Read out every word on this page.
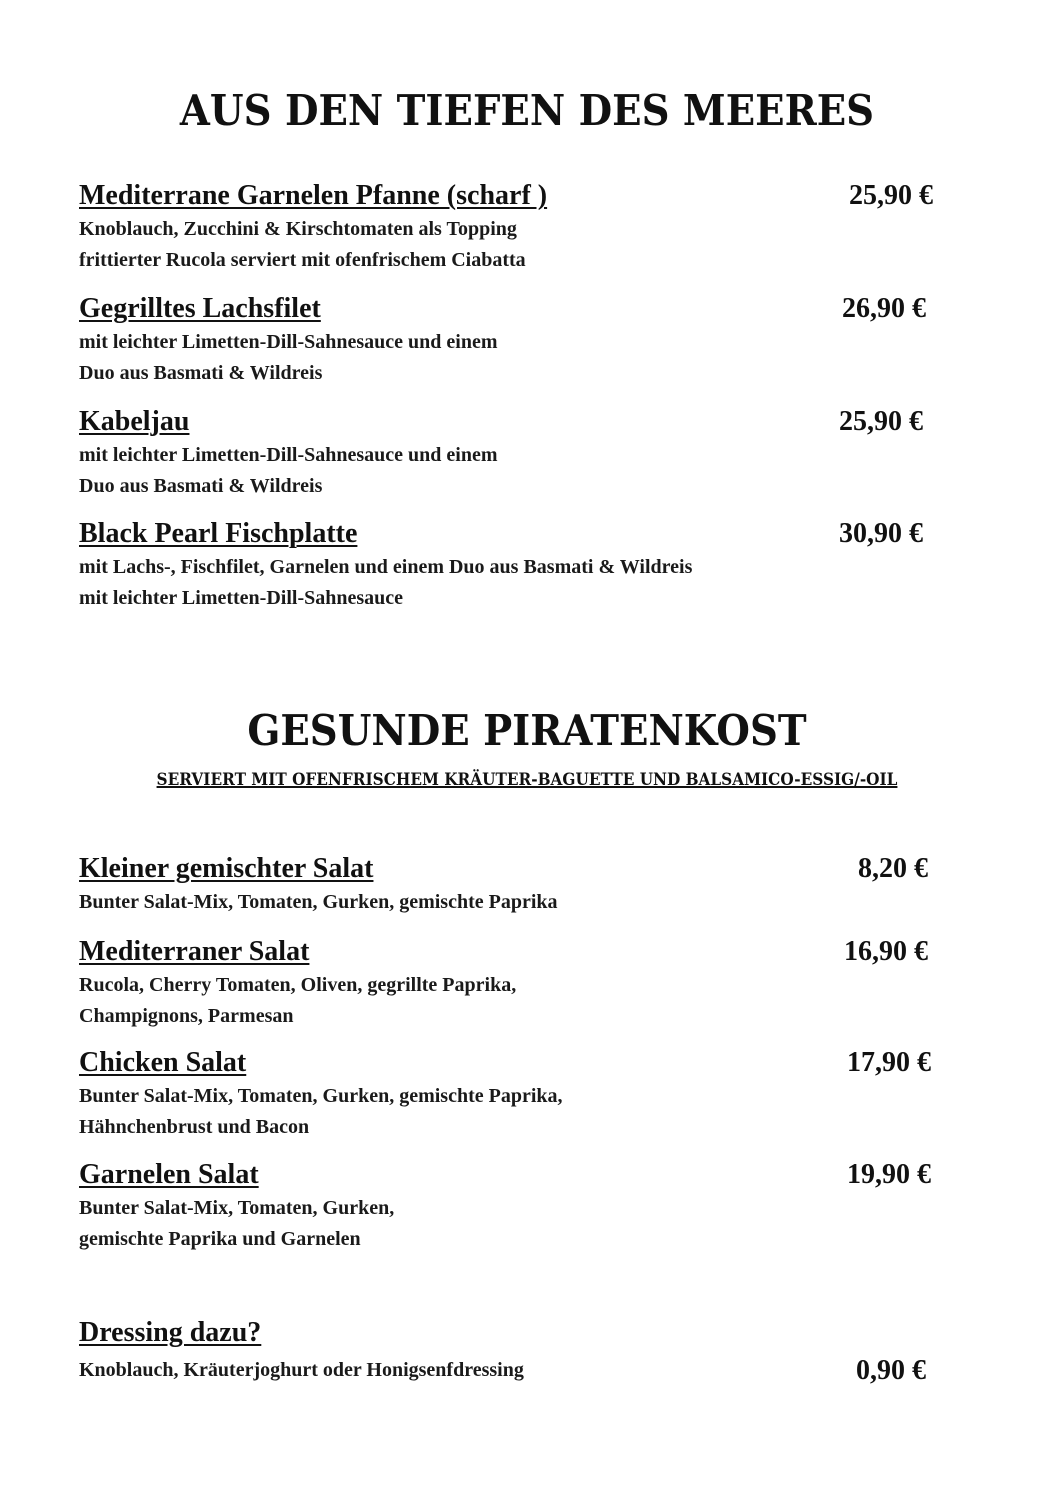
AUS DEN TIEFEN DES MEERES
Mediterrane Garnelen Pfanne (scharf )	25,90 €
Knoblauch, Zucchini & Kirschtomaten als Topping
frittierter Rucola serviert mit ofenfrischem Ciabatta
Gegrilltes Lachsfilet	26,90 €
mit leichter Limetten-Dill-Sahnesauce und einem
Duo aus Basmati & Wildreis
Kabeljau	25,90 €
mit leichter Limetten-Dill-Sahnesauce und einem
Duo aus Basmati & Wildreis
Black Pearl Fischplatte	30,90 €
mit Lachs-, Fischfilet, Garnelen und einem Duo aus Basmati & Wildreis
mit leichter Limetten-Dill-Sahnesauce
GESUNDE PIRATENKOST
SERVIERT MIT OFENFRISCHEM KRÄUTER-BAGUETTE UND BALSAMICO-ESSIG/-OIL
Kleiner gemischter Salat	8,20 €
Bunter Salat-Mix, Tomaten, Gurken, gemischte Paprika
Mediterraner Salat	16,90 €
Rucola, Cherry Tomaten, Oliven, gegrillte Paprika,
Champignons, Parmesan
Chicken Salat	17,90 €
Bunter Salat-Mix, Tomaten, Gurken, gemischte Paprika,
Hähnchenbrust und Bacon
Garnelen Salat	19,90 €
Bunter Salat-Mix, Tomaten, Gurken,
gemischte Paprika und Garnelen
Dressing dazu?
Knoblauch, Kräuterjoghurt oder Honigsenfdressing	0,90 €
